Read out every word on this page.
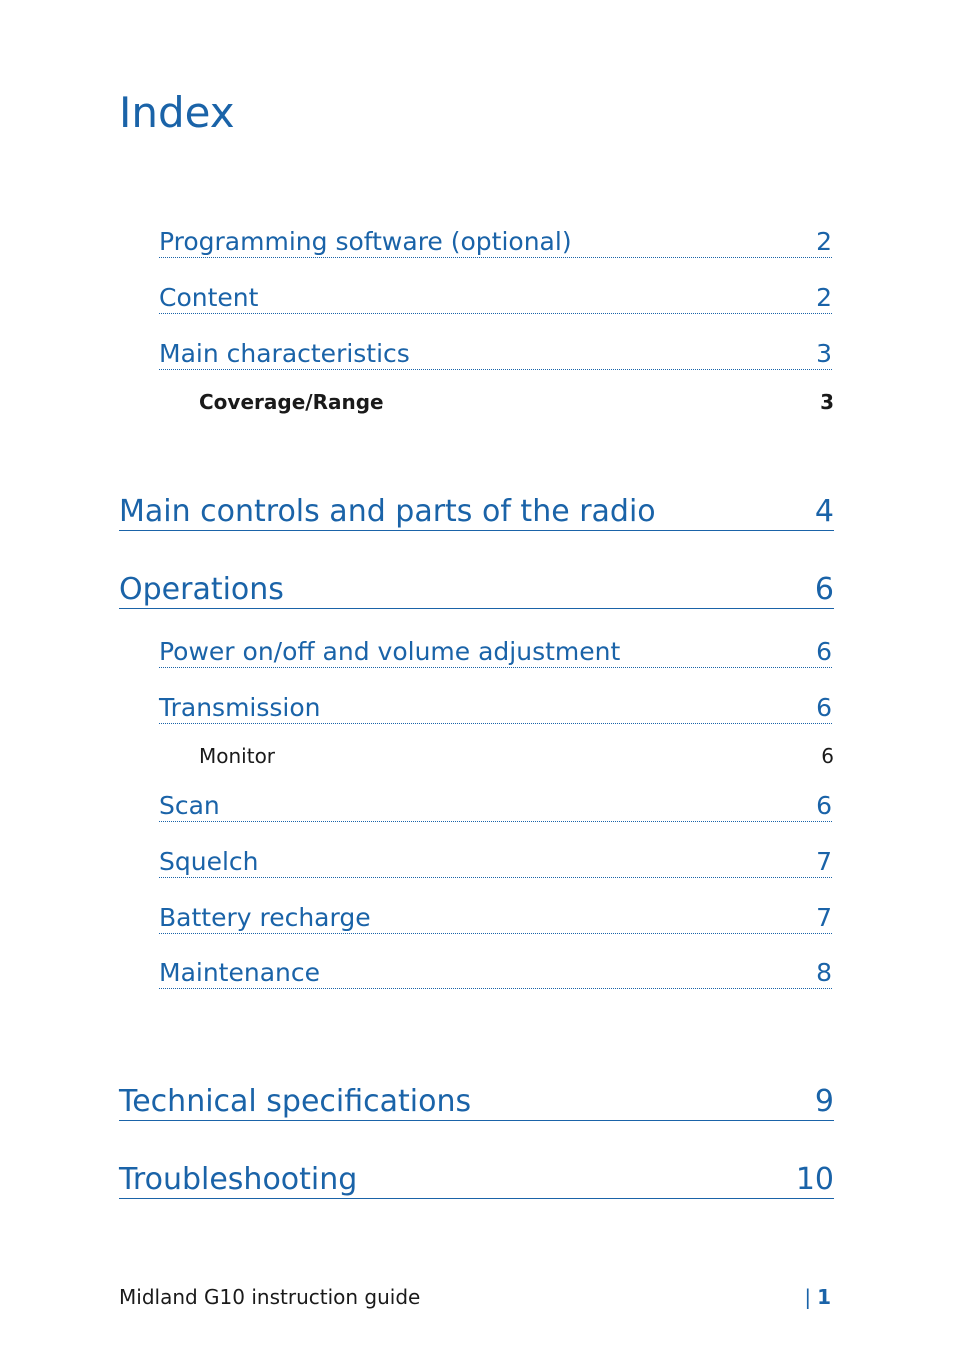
Index
Programming software (optional)	2
Content	2
Main characteristics	3
Coverage/Range	3
Main controls and parts of the radio	4
Operations	6
Power on/off and volume adjustment	6
Transmission	6
Monitor	6
Scan	6
Squelch	7
Battery recharge	7
Maintenance	8
Technical specifications	9
Troubleshooting	10
Midland G10 instruction guide	| 1
